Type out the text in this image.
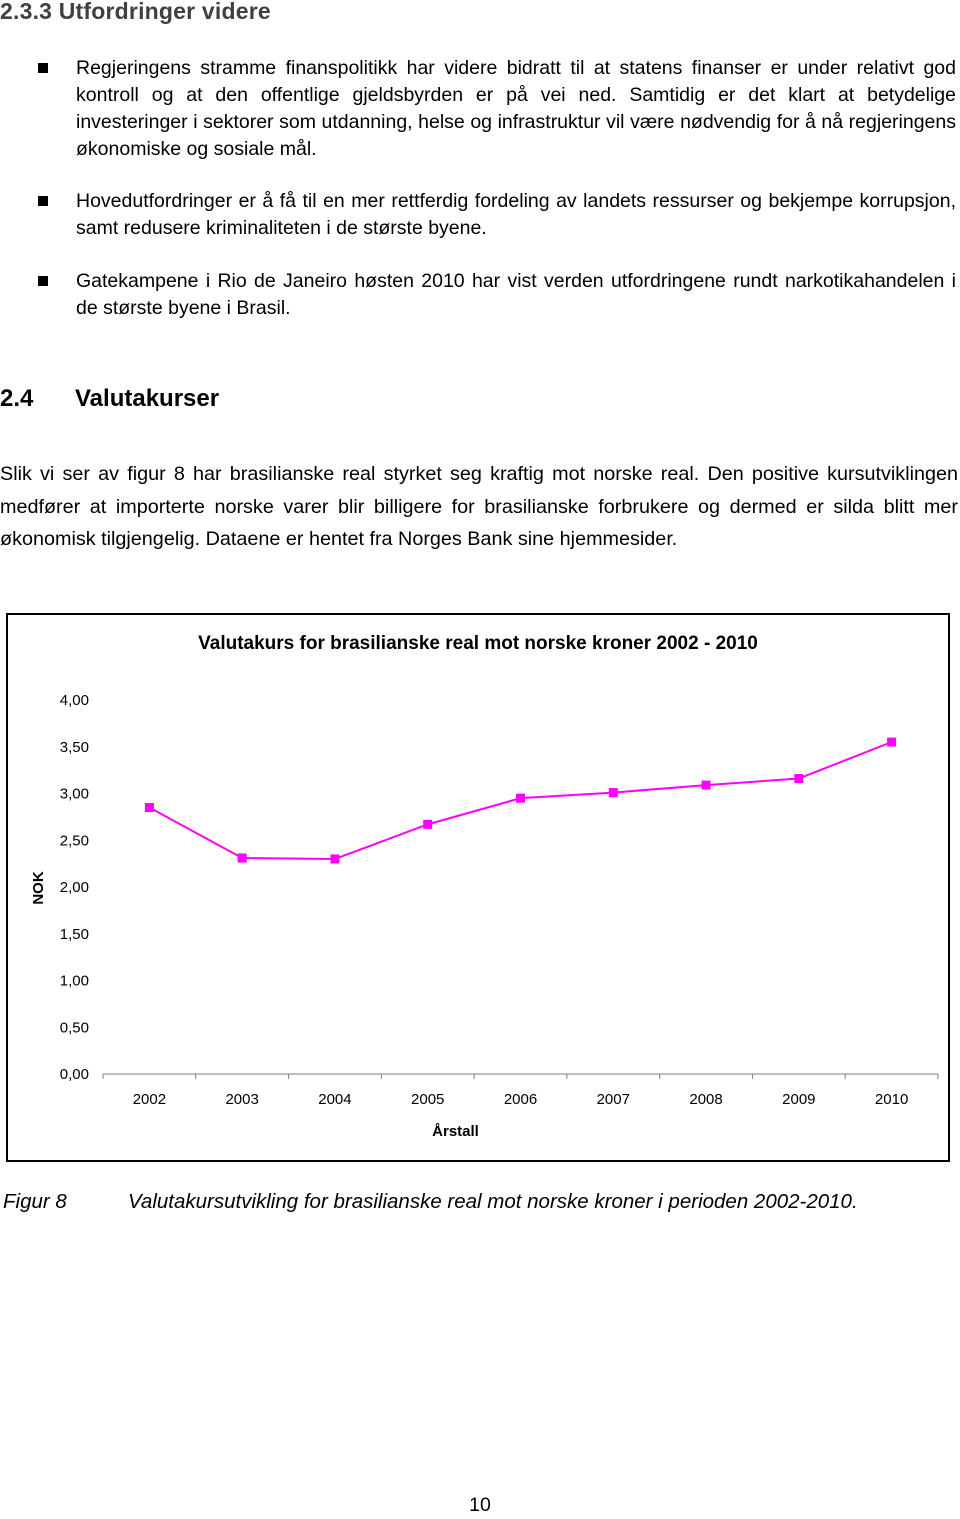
2.3.3 Utfordringer videre
Regjeringens stramme finanspolitikk har videre bidratt til at statens finanser er under relativt god kontroll og at den offentlige gjeldsbyrden er på vei ned. Samtidig er det klart at betydelige investeringer i sektorer som utdanning, helse og infrastruktur vil være nødvendig for å nå regjeringens økonomiske og sosiale mål.
Hovedutfordringer er å få til en mer rettferdig fordeling av landets ressurser og bekjempe korrupsjon, samt redusere kriminaliteten i de største byene.
Gatekampene i Rio de Janeiro høsten 2010 har vist verden utfordringene rundt narkotikahandelen i de største byene i Brasil.
2.4 Valutakurser
Slik vi ser av figur 8 har brasilianske real styrket seg kraftig mot norske real. Den positive kursutviklingen medfører at importerte norske varer blir billigere for brasilianske forbrukere og dermed er silda blitt mer økonomisk tilgjengelig. Dataene er hentet fra Norges Bank sine hjemmesider.
Valutakurs for brasilianske real mot norske kroner 2002 - 2010
0,00
0,50
1,00
1,50
2,00
2,50
3,00
3,50
4,00
2002	2003	2004	2005	2006	2007	2008	2009	2010
Årstall
NOK
Figur 8	Valutakursutvikling for brasilianske real mot norske kroner i perioden 2002-2010.
10
